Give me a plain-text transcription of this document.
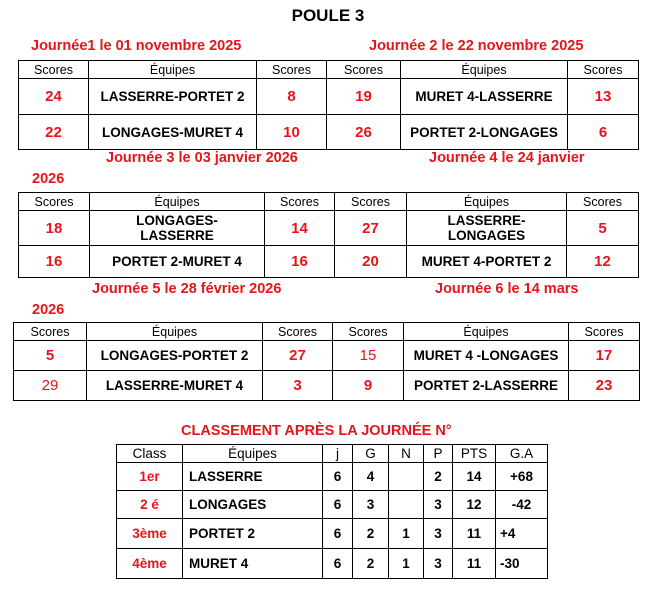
POULE 3
Journée1 le 01 novembre 2025	Journée 2 le 22 novembre 2025
Scores	Équipes	Scores	Scores	Équipes	Scores
24	LASSERRE-PORTET 2	8	19	MURET 4-LASSERRE	13
22	LONGAGES-MURET 4	10	26	PORTET 2-LONGAGES	6
Journée 3 le 03 janvier 2026	Journée 4 le 24 janvier
2026
Scores	Équipes	Scores	Scores	Équipes	Scores
18	LONGAGES-LASSERRE	14	27	LASSERRE-LONGAGES	5
16	PORTET 2-MURET 4	16	20	MURET 4-PORTET 2	12
Journée 5 le 28 février 2026	Journée 6 le 14 mars
2026
Scores	Équipes	Scores	Scores	Équipes	Scores
5	LONGAGES-PORTET 2	27	15	MURET 4 -LONGAGES	17
29	LASSERRE-MURET 4	3	9	PORTET 2-LASSERRE	23
CLASSEMENT APRÈS LA JOURNÉE N°
Class	Équipes	j	G	N	P	PTS	G.A
1er	LASSERRE	6	4		2	14	+68
2 é	LONGAGES	6	3		3	12	-42
3ème	PORTET 2	6	2	1	3	11	+4
4ème	MURET 4	6	2	1	3	11	-30
